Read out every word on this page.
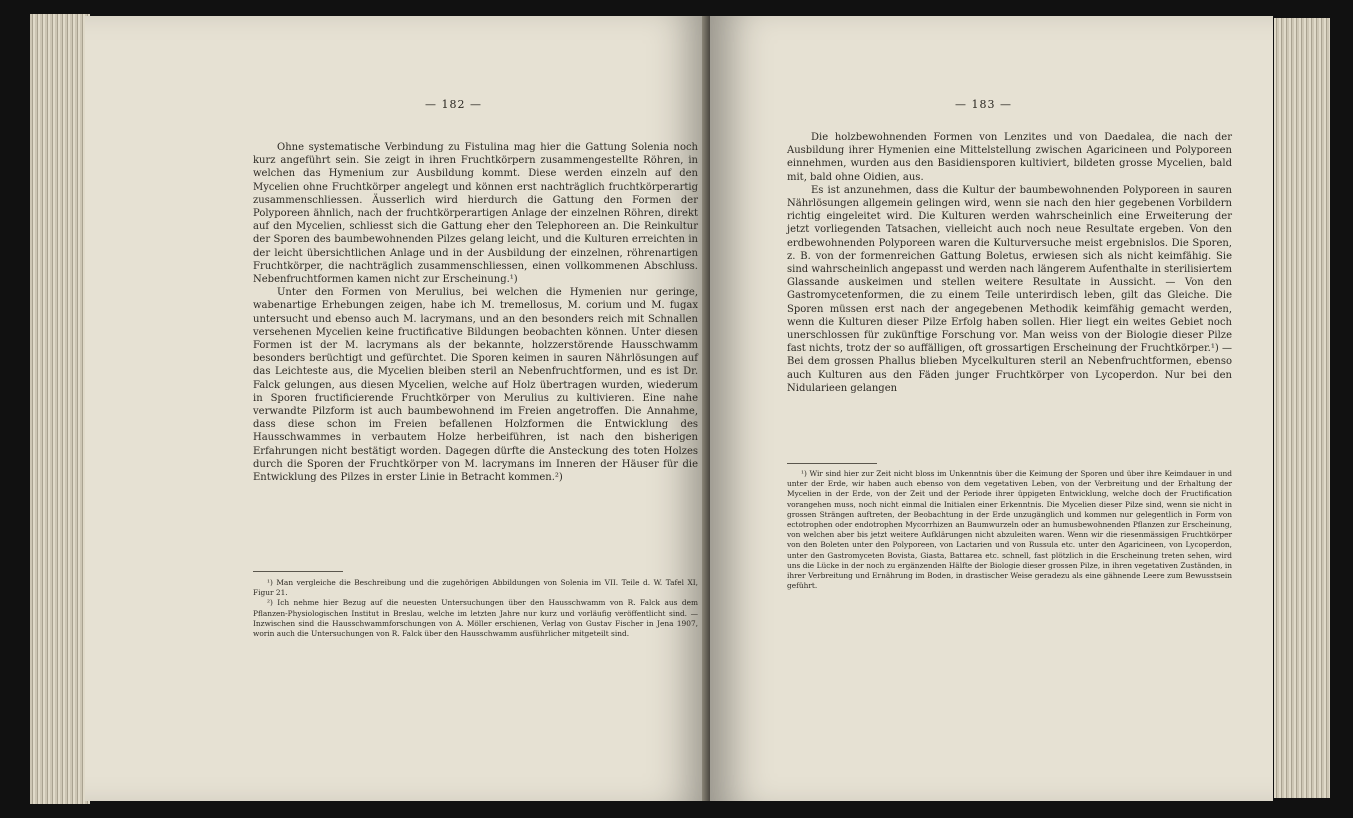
— 182 —

Ohne systematische Verbindung zu Fistulina mag hier die Gattung Solenia noch kurz angeführt sein. Sie zeigt in ihren Fruchtkörpern zusammengestellte Röhren, in welchen das Hymenium zur Ausbildung kommt. Diese werden einzeln auf den Mycelien ohne Fruchtkörper angelegt und können erst nachträglich fruchtkörperartig zusammenschliessen. Äusserlich wird hierdurch die Gattung den Formen der Polyporeen ähnlich, nach der fruchtkörperartigen Anlage der einzelnen Röhren, direkt auf den Mycelien, schliesst sich die Gattung eher den Telephoreen an. Die Reinkultur der Sporen des baumbewohnenden Pilzes gelang leicht, und die Kulturen erreichten in der leicht übersichtlichen Anlage und in der Ausbildung der einzelnen, röhrenartigen Fruchtkörper, die nachträglich zusammenschliessen, einen vollkommenen Abschluss. Nebenfruchtformen kamen nicht zur Erscheinung.¹)

Unter den Formen von Merulius, bei welchen die Hymenien nur geringe, wabenartige Erhebungen zeigen, habe ich M. tremellosus, M. corium und M. fugax untersucht und ebenso auch M. lacrymans, und an den besonders reich mit Schnallen versehenen Mycelien keine fructificative Bildungen beobachten können. Unter diesen Formen ist der M. lacrymans als der bekannte, holzzerstörende Hausschwamm besonders berüchtigt und gefürchtet. Die Sporen keimen in sauren Nährlösungen auf das Leichteste aus, die Mycelien bleiben steril an Nebenfruchtformen, und es ist Dr. Falck gelungen, aus diesen Mycelien, welche auf Holz übertragen wurden, wiederum in Sporen fructificierende Fruchtkörper von Merulius zu kultivieren. Eine nahe verwandte Pilzform ist auch baumbewohnend im Freien angetroffen. Die Annahme, dass diese schon im Freien befallenen Holzformen die Entwicklung des Hausschwammes in verbautem Holze herbeiführen, ist nach den bisherigen Erfahrungen nicht bestätigt worden. Dagegen dürfte die Ansteckung des toten Holzes durch die Sporen der Fruchtkörper von M. lacrymans im Inneren der Häuser für die Entwicklung des Pilzes in erster Linie in Betracht kommen.²)

¹) Man vergleiche die Beschreibung und die zugehörigen Abbildungen von Solenia im VII. Teile d. W. Tafel XI, Figur 21.

²) Ich nehme hier Bezug auf die neuesten Untersuchungen über den Hausschwamm von R. Falck aus dem Pflanzen-Physiologischen Institut in Breslau, welche im letzten Jahre nur kurz und vorläufig veröffentlicht sind. — Inzwischen sind die Hausschwammforschungen von A. Möller erschienen, Verlag von Gustav Fischer in Jena 1907, worin auch die Untersuchungen von R. Falck über den Hausschwamm ausführlicher mitgeteilt sind.

— 183 —

Die holzbewohnenden Formen von Lenzites und von Daedalea, die nach der Ausbildung ihrer Hymenien eine Mittelstellung zwischen Agaricineen und Polyporeen einnehmen, wurden aus den Basidiensporen kultiviert, bildeten grosse Mycelien, bald mit, bald ohne Oidien, aus.

Es ist anzunehmen, dass die Kultur der baumbewohnenden Polyporeen in sauren Nährlösungen allgemein gelingen wird, wenn sie nach den hier gegebenen Vorbildern richtig eingeleitet wird. Die Kulturen werden wahrscheinlich eine Erweiterung der jetzt vorliegenden Tatsachen, vielleicht auch noch neue Resultate ergeben. Von den erdbewohnenden Polyporeen waren die Kulturversuche meist ergebnislos. Die Sporen, z. B. von der formenreichen Gattung Boletus, erwiesen sich als nicht keimfähig. Sie sind wahrscheinlich angepasst und werden nach längerem Aufenthalte in sterilisiertem Glassande auskeimen und stellen weitere Resultate in Aussicht. — Von den Gastromycetenformen, die zu einem Teile unterirdisch leben, gilt das Gleiche. Die Sporen müssen erst nach der angegebenen Methodik keimfähig gemacht werden, wenn die Kulturen dieser Pilze Erfolg haben sollen. Hier liegt ein weites Gebiet noch unerschlossen für zukünftige Forschung vor. Man weiss von der Biologie dieser Pilze fast nichts, trotz der so auffälligen, oft grossartigen Erscheinung der Fruchtkörper.¹) — Bei dem grossen Phallus blieben Mycelkulturen steril an Nebenfruchtformen, ebenso auch Kulturen aus den Fäden junger Fruchtkörper von Lycoperdon. Nur bei den Nidularieen gelangen

¹) Wir sind hier zur Zeit nicht bloss im Unkenntnis über die Keimung der Sporen und über ihre Keimdauer in und unter der Erde, wir haben auch ebenso von dem vegetativen Leben, von der Verbreitung und der Erhaltung der Mycelien in der Erde, von der Zeit und der Periode ihrer üppigeten Entwicklung, welche doch der Fructification vorangehen muss, noch nicht einmal die Initialen einer Erkenntnis. Die Mycelien dieser Pilze sind, wenn sie nicht in grossen Strängen auftreten, der Beobachtung in der Erde unzugänglich und kommen nur gelegentlich in Form von ectotrophen oder endotrophen Mycorrhizen an Baumwurzeln oder an humusbewohnenden Pflanzen zur Erscheinung, von welchen aber bis jetzt weitere Aufklärungen nicht abzuleiten waren. Wenn wir die riesenmässigen Fruchtkörper von den Boleten unter den Polyporeen, von Lactarien und von Russula etc. unter den Agaricineen, von Lycoperdon, unter den Gastromyceten Bovista, Giasta, Battarea etc. schnell, fast plötzlich in die Erscheinung treten sehen, wird uns die Lücke in der noch zu ergänzenden Hälfte der Biologie dieser grossen Pilze, in ihren vegetativen Zuständen, in ihrer Verbreitung und Ernährung im Boden, in drastischer Weise geradezu als eine gähnende Leere zum Bewusstsein geführt.
